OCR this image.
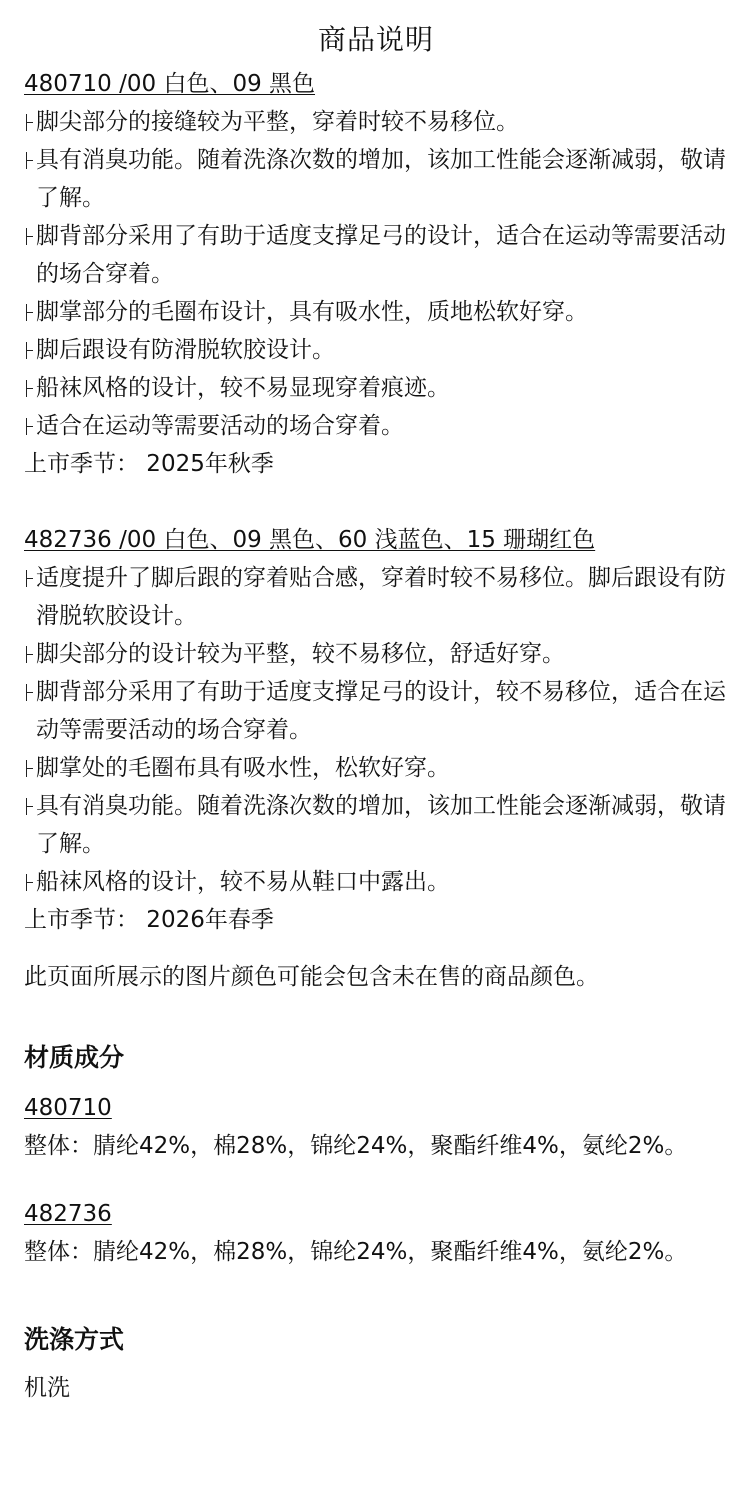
商品说明
480710 /00 白色、09 黑色
脚尖部分的接缝较为平整，穿着时较不易移位。
具有消臭功能。随着洗涤次数的增加，该加工性能会逐渐减弱，敬请了解。
脚背部分采用了有助于适度支撑足弓的设计，适合在运动等需要活动的场合穿着。
脚掌部分的毛圈布设计，具有吸水性，质地松软好穿。
脚后跟设有防滑脱软胶设计。
船袜风格的设计，较不易显现穿着痕迹。
适合在运动等需要活动的场合穿着。
上市季节： 2025年秋季
482736 /00 白色、09 黑色、60 浅蓝色、15 珊瑚红色
适度提升了脚后跟的穿着贴合感，穿着时较不易移位。脚后跟设有防滑脱软胶设计。
脚尖部分的设计较为平整，较不易移位，舒适好穿。
脚背部分采用了有助于适度支撑足弓的设计，较不易移位，适合在运动等需要活动的场合穿着。
脚掌处的毛圈布具有吸水性，松软好穿。
具有消臭功能。随着洗涤次数的增加，该加工性能会逐渐减弱，敬请了解。
船袜风格的设计，较不易从鞋口中露出。
上市季节： 2026年春季
此页面所展示的图片颜色可能会包含未在售的商品颜色。
材质成分
480710
整体：腈纶42%，棉28%，锦纶24%，聚酯纤维4%，氨纶2%。
482736
整体：腈纶42%，棉28%，锦纶24%，聚酯纤维4%，氨纶2%。
洗涤方式
机洗
